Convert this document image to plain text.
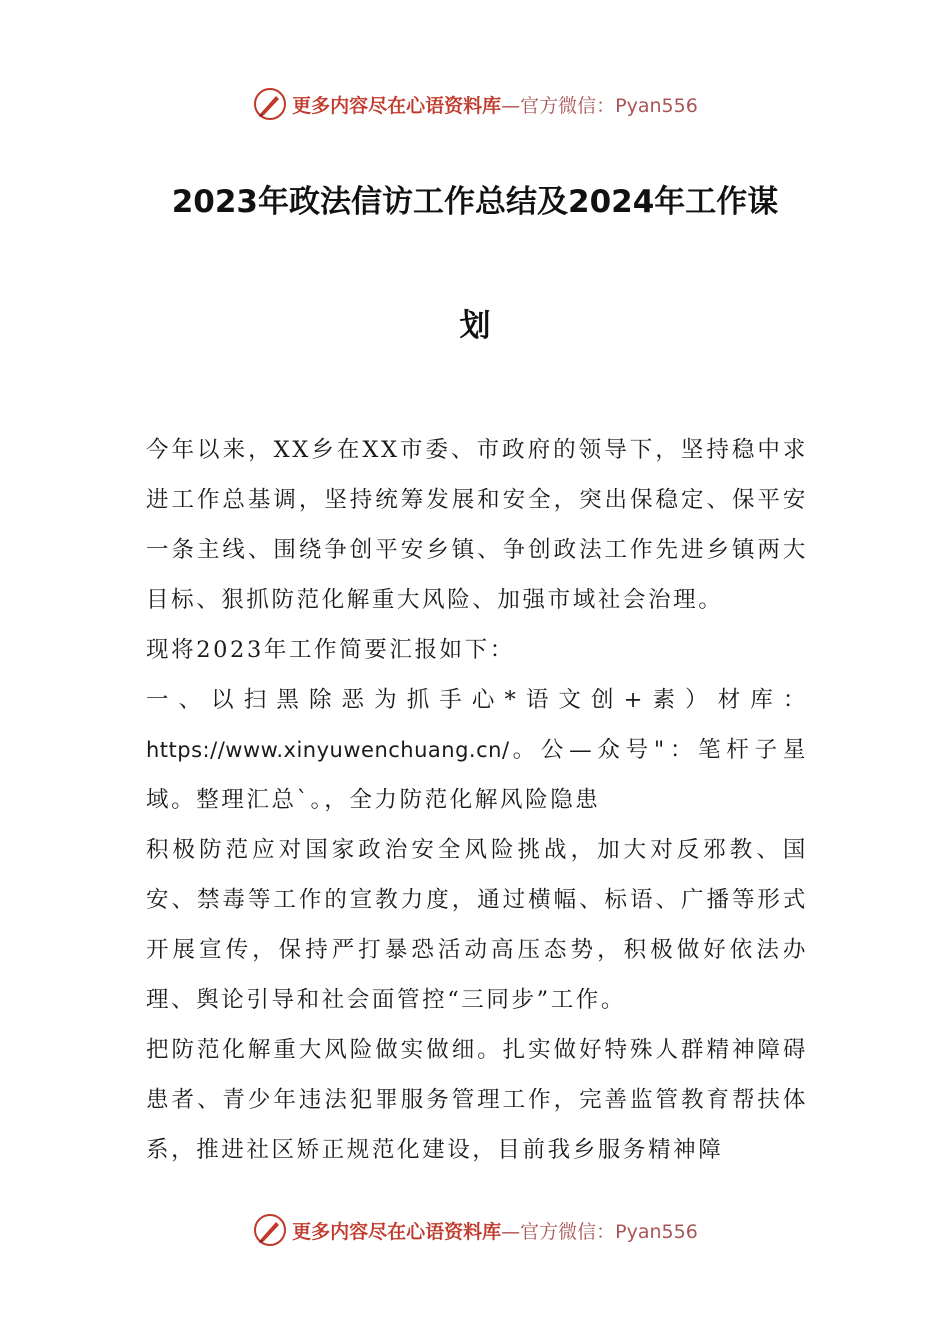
更多内容尽在心语资料库—官方微信：Pyan556
2023年政法信访工作总结及2024年工作谋
划

今年以来，XX乡在XX市委、市政府的领导下，坚持稳中求进工作总基调，坚持统筹发展和安全，突出保稳定、保平安一条主线、围绕争创平安乡镇、争创政法工作先进乡镇两大目标、狠抓防范化解重大风险、加强市域社会治理。

现将2023年工作简要汇报如下：

一、以扫黑除恶为抓手心*语文创+素）材库：https://www.xinyuwenchuang.cn/。公—众号"：笔杆子星域。整理汇总`。，全力防范化解风险隐患

积极防范应对国家政治安全风险挑战，加大对反邪教、国安、禁毒等工作的宣教力度，通过横幅、标语、广播等形式开展宣传，保持严打暴恐活动高压态势，积极做好依法办理、舆论引导和社会面管控“三同步”工作。

把防范化解重大风险做实做细。扎实做好特殊人群精神障碍患者、青少年违法犯罪服务管理工作，完善监管教育帮扶体系，推进社区矫正规范化建设，目前我乡服务精神障

更多内容尽在心语资料库—官方微信：Pyan556
